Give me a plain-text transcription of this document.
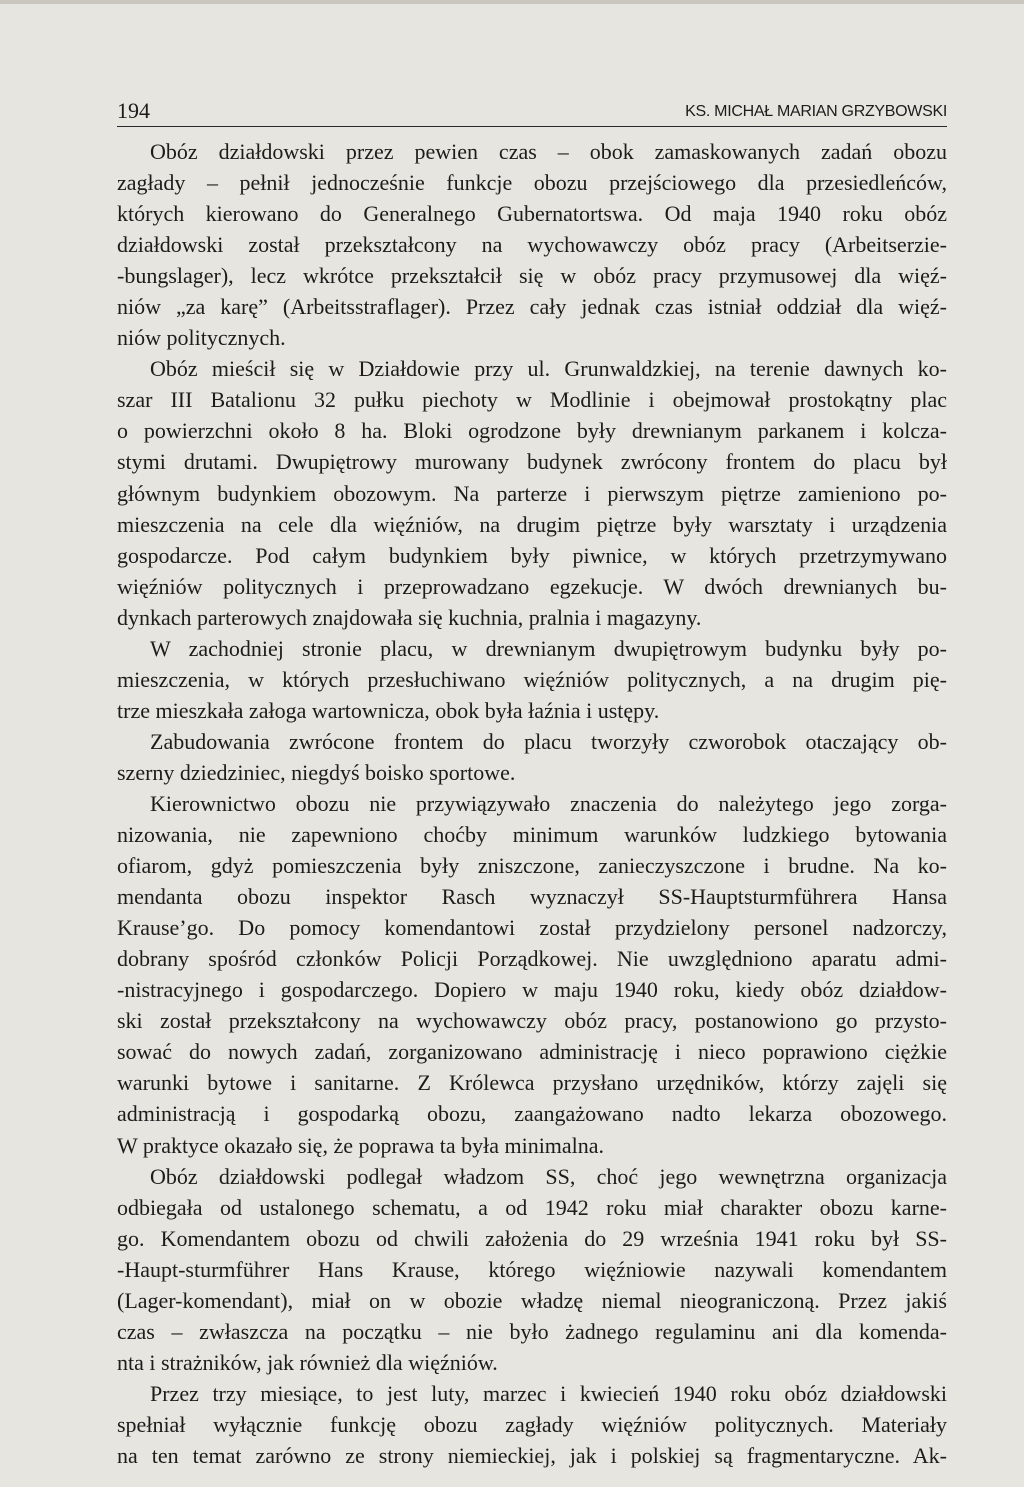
194	KS. MICHAŁ MARIAN GRZYBOWSKI
Obóz działdowski przez pewien czas – obok zamaskowanych zadań obozu
zagłady – pełnił jednocześnie funkcje obozu przejściowego dla przesiedleńców,
których kierowano do Generalnego Gubernatortswa. Od maja 1940 roku obóz
działdowski został przekształcony na wychowawczy obóz pracy (Arbeitserzie-
-bungslager), lecz wkrótce przekształcił się w obóz pracy przymusowej dla więź-
niów „za karę” (Arbeitsstraflager). Przez cały jednak czas istniał oddział dla więź-
niów politycznych.
Obóz mieścił się w Działdowie przy ul. Grunwaldzkiej, na terenie dawnych ko-
szar III Batalionu 32 pułku piechoty w Modlinie i obejmował prostokątny plac
o powierzchni około 8 ha. Bloki ogrodzone były drewnianym parkanem i kolcza-
stymi drutami. Dwupiętrowy murowany budynek zwrócony frontem do placu był
głównym budynkiem obozowym. Na parterze i pierwszym piętrze zamieniono po-
mieszczenia na cele dla więźniów, na drugim piętrze były warsztaty i urządzenia
gospodarcze. Pod całym budynkiem były piwnice, w których przetrzymywano
więźniów politycznych i przeprowadzano egzekucje. W dwóch drewnianych bu-
dynkach parterowych znajdowała się kuchnia, pralnia i magazyny.
W zachodniej stronie placu, w drewnianym dwupiętrowym budynku były po-
mieszczenia, w których przesłuchiwano więźniów politycznych, a na drugim pię-
trze mieszkała załoga wartownicza, obok była łaźnia i ustępy.
Zabudowania zwrócone frontem do placu tworzyły czworobok otaczający ob-
szerny dziedziniec, niegdyś boisko sportowe.
Kierownictwo obozu nie przywiązywało znaczenia do należytego jego zorga-
nizowania, nie zapewniono choćby minimum warunków ludzkiego bytowania
ofiarom, gdyż pomieszczenia były zniszczone, zanieczyszczone i brudne. Na ko-
mendanta obozu inspektor Rasch wyznaczył SS-Hauptsturmführera Hansa
Krause’go. Do pomocy komendantowi został przydzielony personel nadzorczy,
dobrany spośród członków Policji Porządkowej. Nie uwzględniono aparatu admi-
-nistracyjnego i gospodarczego. Dopiero w maju 1940 roku, kiedy obóz działdow-
ski został przekształcony na wychowawczy obóz pracy, postanowiono go przysto-
sować do nowych zadań, zorganizowano administrację i nieco poprawiono ciężkie
warunki bytowe i sanitarne. Z Królewca przysłano urzędników, którzy zajęli się
administracją i gospodarką obozu, zaangażowano nadto lekarza obozowego.
W praktyce okazało się, że poprawa ta była minimalna.
Obóz działdowski podlegał władzom SS, choć jego wewnętrzna organizacja
odbiegała od ustalonego schematu, a od 1942 roku miał charakter obozu karne-
go. Komendantem obozu od chwili założenia do 29 września 1941 roku był SS-
-Haupt-sturmführer Hans Krause, którego więźniowie nazywali komendantem
(Lager-komendant), miał on w obozie władzę niemal nieograniczoną. Przez jakiś
czas – zwłaszcza na początku – nie było żadnego regulaminu ani dla komenda-
nta i strażników, jak również dla więźniów.
Przez trzy miesiące, to jest luty, marzec i kwiecień 1940 roku obóz działdowski
spełniał wyłącznie funkcję obozu zagłady więźniów politycznych. Materiały
na ten temat zarówno ze strony niemieckiej, jak i polskiej są fragmentaryczne. Ak-
